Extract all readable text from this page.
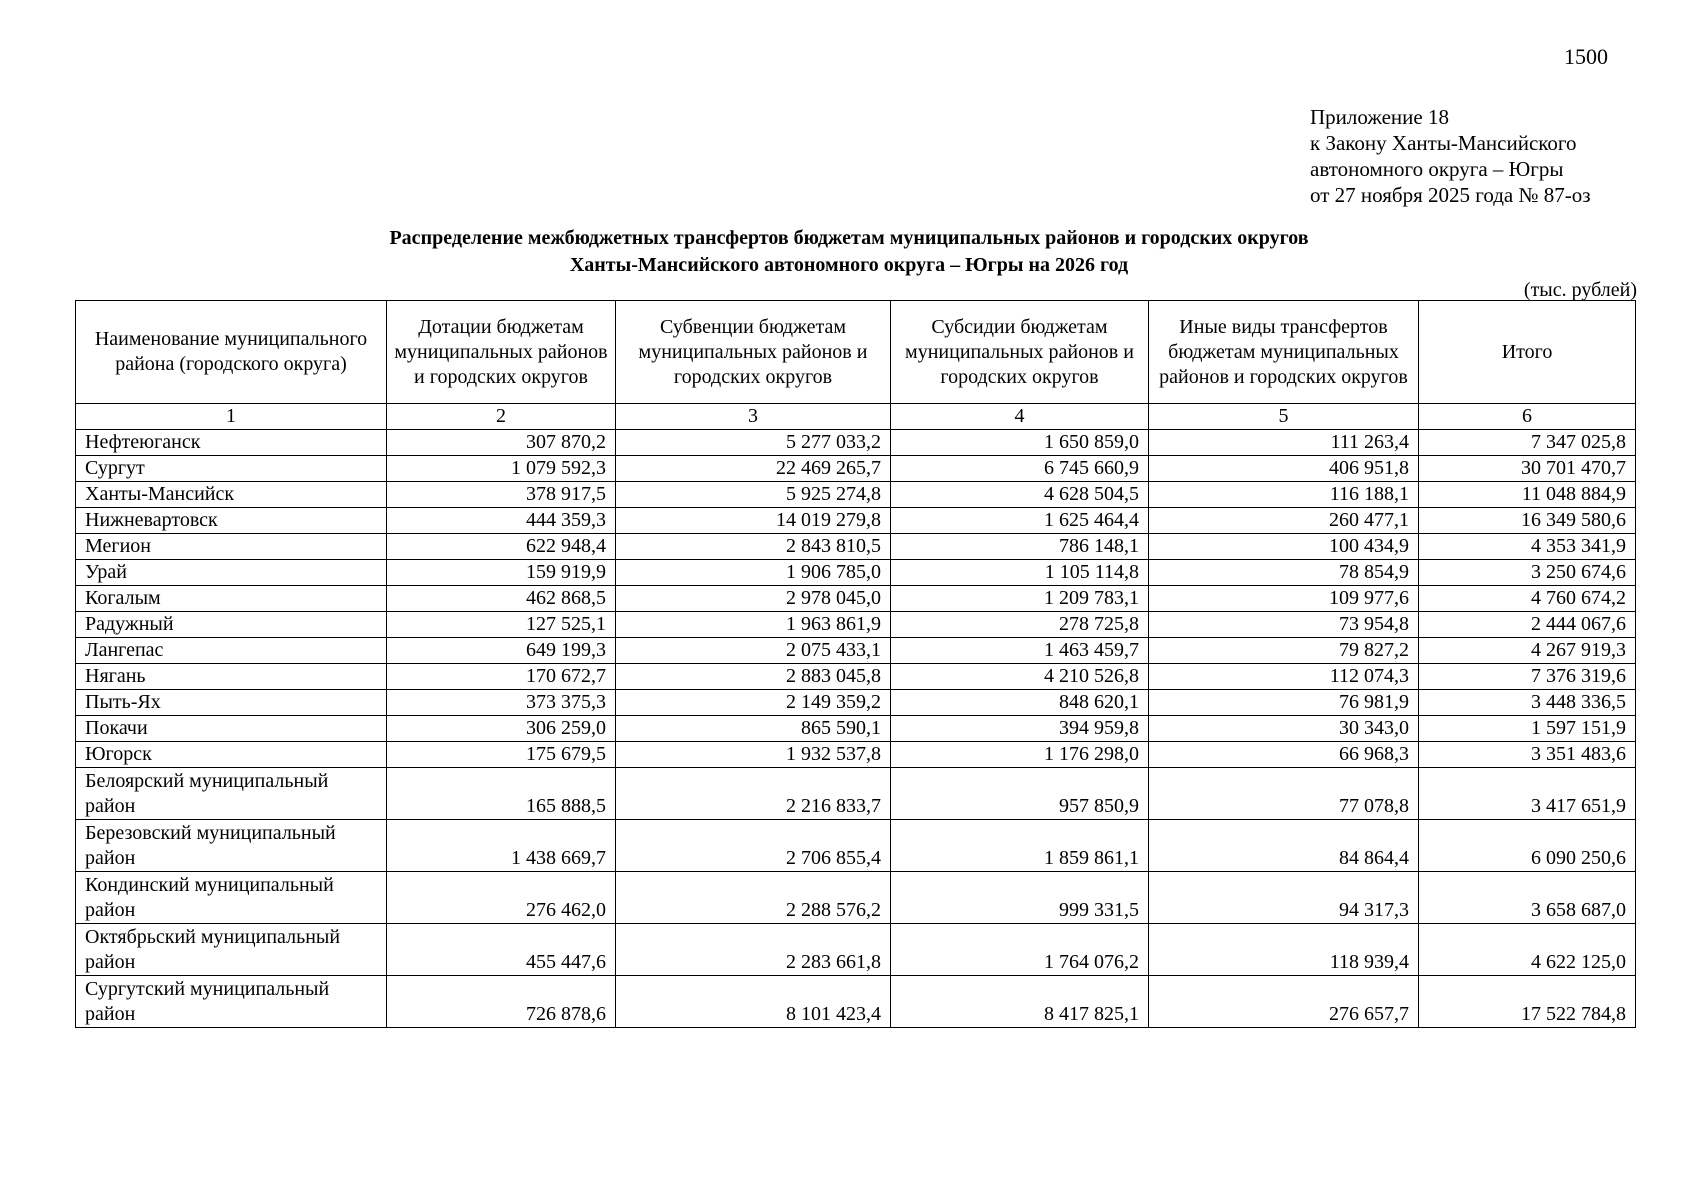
1500
Приложение 18
к Закону Ханты-Мансийского
автономного округа – Югры
от 27 ноября 2025 года № 87-оз
Распределение межбюджетных трансфертов бюджетам муниципальных районов и городских округов
Ханты-Мансийского автономного округа – Югры на 2026 год
(тыс. рублей)
Наименование муниципального района (городского округа)	Дотации бюджетам муниципальных районов и городских округов	Субвенции бюджетам муниципальных районов и городских округов	Субсидии бюджетам муниципальных районов и городских округов	Иные виды трансфертов бюджетам муниципальных районов и городских округов	Итого
1	2	3	4	5	6
Нефтеюганск	307 870,2	5 277 033,2	1 650 859,0	111 263,4	7 347 025,8
Сургут	1 079 592,3	22 469 265,7	6 745 660,9	406 951,8	30 701 470,7
Ханты-Мансийск	378 917,5	5 925 274,8	4 628 504,5	116 188,1	11 048 884,9
Нижневартовск	444 359,3	14 019 279,8	1 625 464,4	260 477,1	16 349 580,6
Мегион	622 948,4	2 843 810,5	786 148,1	100 434,9	4 353 341,9
Урай	159 919,9	1 906 785,0	1 105 114,8	78 854,9	3 250 674,6
Когалым	462 868,5	2 978 045,0	1 209 783,1	109 977,6	4 760 674,2
Радужный	127 525,1	1 963 861,9	278 725,8	73 954,8	2 444 067,6
Лангепас	649 199,3	2 075 433,1	1 463 459,7	79 827,2	4 267 919,3
Нягань	170 672,7	2 883 045,8	4 210 526,8	112 074,3	7 376 319,6
Пыть-Ях	373 375,3	2 149 359,2	848 620,1	76 981,9	3 448 336,5
Покачи	306 259,0	865 590,1	394 959,8	30 343,0	1 597 151,9
Югорск	175 679,5	1 932 537,8	1 176 298,0	66 968,3	3 351 483,6
Белоярский муниципальный район	165 888,5	2 216 833,7	957 850,9	77 078,8	3 417 651,9
Березовский муниципальный район	1 438 669,7	2 706 855,4	1 859 861,1	84 864,4	6 090 250,6
Кондинский муниципальный район	276 462,0	2 288 576,2	999 331,5	94 317,3	3 658 687,0
Октябрьский муниципальный район	455 447,6	2 283 661,8	1 764 076,2	118 939,4	4 622 125,0
Сургутский муниципальный район	726 878,6	8 101 423,4	8 417 825,1	276 657,7	17 522 784,8
